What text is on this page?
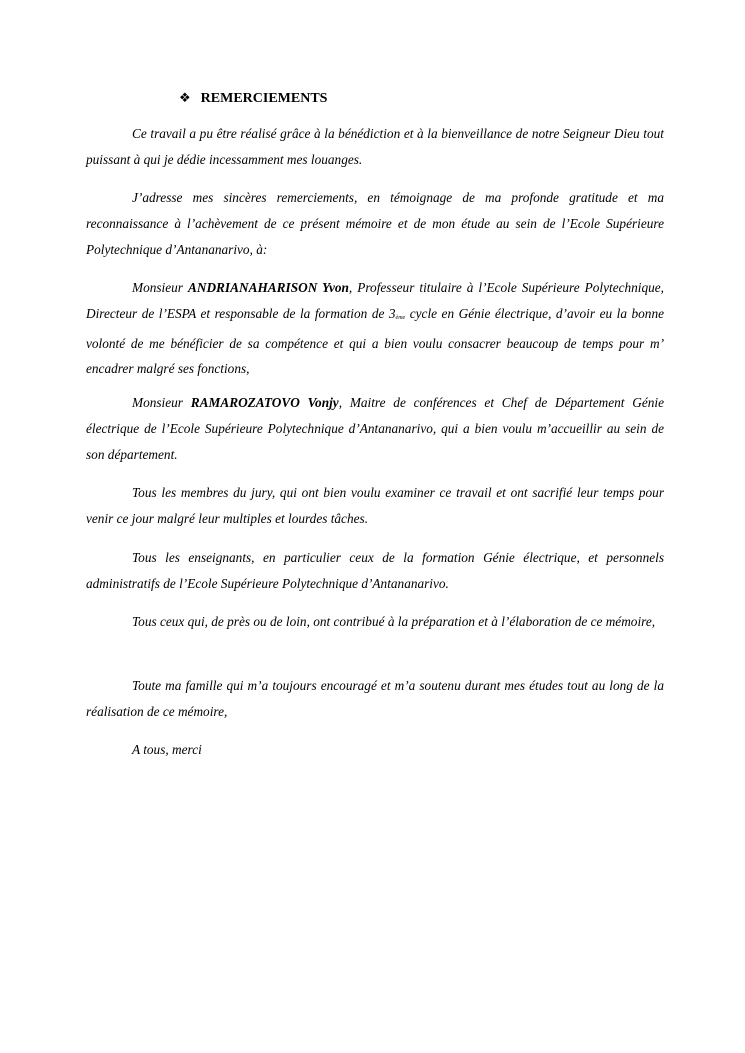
❖ REMERCIEMENTS

Ce travail a pu être réalisé grâce à la bénédiction et à la bienveillance de notre Seigneur Dieu tout puissant à qui je dédie incessamment mes louanges.

J’adresse mes sincères remerciements, en témoignage de ma profonde gratitude et ma reconnaissance à l’achèvement de ce présent mémoire et de mon étude au sein de l’Ecole Supérieure Polytechnique d’Antananarivo, à:

Monsieur ANDRIANAHARISON Yvon, Professeur titulaire à l’Ecole Supérieure Polytechnique, Directeur de l’ESPA et responsable de la formation de 3ème cycle en Génie électrique, d’avoir eu la bonne volonté de me bénéficier de sa compétence et qui a bien voulu consacrer beaucoup de temps pour m’ encadrer malgré ses fonctions,

Monsieur RAMAROZATOVO Vonjy, Maitre de conférences et Chef de Département Génie électrique de l’Ecole Supérieure Polytechnique d’Antananarivo, qui a bien voulu m’accueillir au sein de son département.

Tous les membres du jury, qui ont bien voulu examiner ce travail et ont sacrifié leur temps pour venir ce jour malgré leur multiples et lourdes tâches.

Tous les enseignants, en particulier ceux de la formation Génie électrique, et personnels administratifs de l’Ecole Supérieure Polytechnique d’Antananarivo.

Tous ceux qui, de près ou de loin, ont contribué à la préparation et à l’élaboration de ce mémoire,

Toute ma famille qui m’a toujours encouragé et m’a soutenu durant mes études tout au long de la réalisation de ce mémoire,

A tous, merci
